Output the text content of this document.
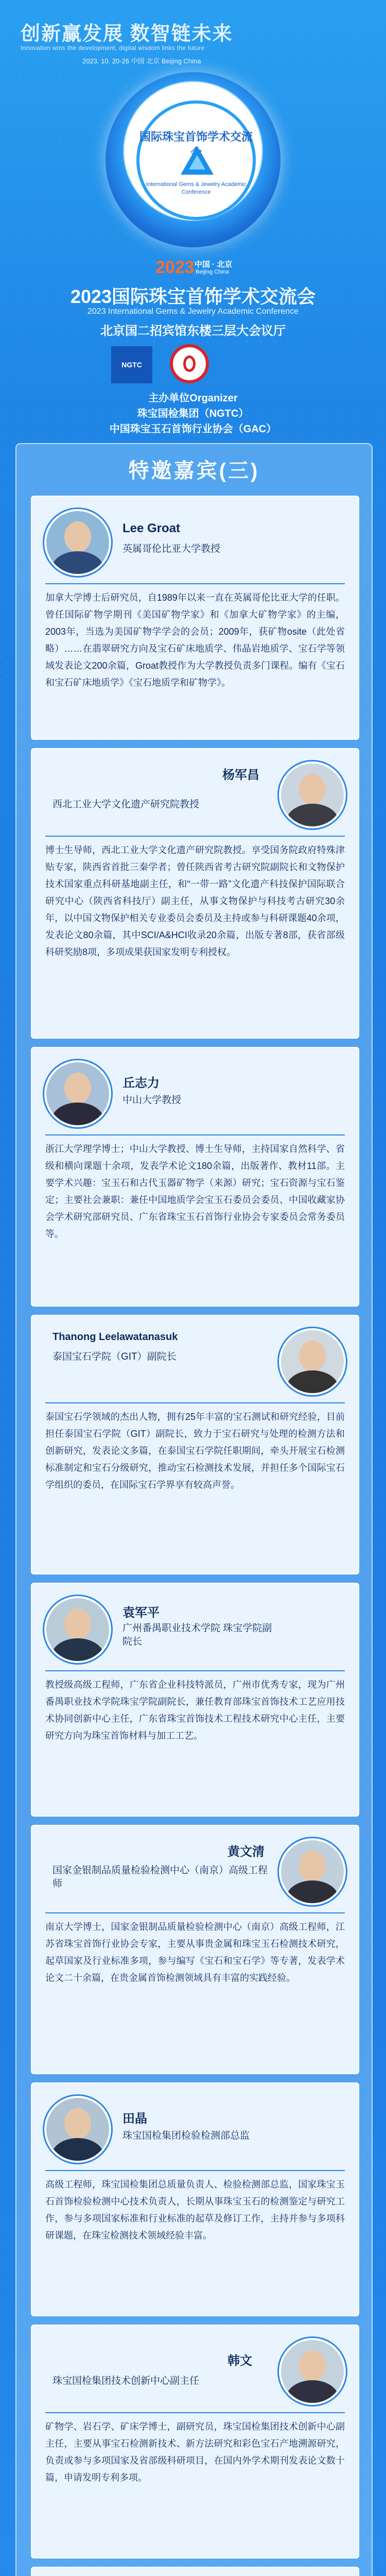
创新赢发展 数智链未来
Innovation wins the development, digital wisdom links the future
2023. 10. 20-26 中国 北京 Beijing China
国际珠宝首饰学术交流会
International Gems & Jewelry Academic Conference
2023 中国 · 北京
Beijing China
2023国际珠宝首饰学术交流会
2023 International Gems & Jewelry Academic Conference
北京国二招宾馆东楼三层大会议厅
NGTC
主办单位Organizer
珠宝国检集团（NGTC）
中国珠宝玉石首饰行业协会（GAC）
特邀嘉宾(三)
Lee Groat
英属哥伦比亚大学教授
加拿大学博士后研究员，自1989年以来一直在英属哥伦比亚大学的任职。曾任国际矿物学期刊《美国矿物学家》和《加拿大矿物学家》的主编，2003年，当选为美国矿物学学会的会员；2009年，获矿物osite（此处省略）……在翡翠研究方向及宝石矿床地质学、伟晶岩地质学、宝石学等领域发表论文200余篇，Groat教授作为大学教授负责多门课程。编有《宝石和宝石矿床地质学》《宝石地质学和矿物学》。
杨军昌
西北工业大学文化遗产研究院教授
博士生导师，西北工业大学文化遗产研究院教授。享受国务院政府特殊津贴专家，陕西省首批三秦学者；曾任陕西省考古研究院副院长和文物保护技术国家重点科研基地副主任，和“一带一路”文化遗产科技保护国际联合研究中心（陕西省科技厅）副主任，从事文物保护与科技考古研究30余年，以中国文物保护相关专业委员会委员及主持或参与科研课题40余项，发表论文80余篇，其中SCI/A&HCI收录20余篇，出版专著8部，获省部级科研奖励8项，多项成果获国家发明专利授权。
丘志力
中山大学教授
浙江大学理学博士；中山大学教授、博士生导师，主持国家自然科学、省级和横向课题十余项，发表学术论文180余篇，出版著作、教材11部。主要学术兴趣：宝玉石和古代玉器矿物学（来源）研究；宝石资源与宝石鉴定；主要社会兼职：兼任中国地质学会宝玉石委员会委员、中国收藏家协会学术研究部研究员、广东省珠宝玉石首饰行业协会专家委员会常务委员等。
Thanong Leelawatanasuk
泰国宝石学院（GIT）副院长
泰国宝石学领域的杰出人物，拥有25年丰富的宝石测试和研究经验，目前担任泰国宝石学院（GIT）副院长，致力于宝石研究与处理的检测方法和创新研究，发表论文多篇，在泰国宝石学院任职期间，牵头开展宝石检测标准制定和宝石分级研究，推动宝石检测技术发展，并担任多个国际宝石学组织的委员，在国际宝石学界享有较高声誉。
袁军平
广州番禺职业技术学院 珠宝学院副院长
教授级高级工程师，广东省企业科技特派员，广州市优秀专家，现为广州番禺职业技术学院珠宝学院副院长，兼任教育部珠宝首饰技术工艺应用技术协同创新中心主任，广东省珠宝首饰技术工程技术研究中心主任，主要研究方向为珠宝首饰材料与加工工艺。
黄文清
国家金银制品质量检验检测中心（南京）高级工程师
南京大学博士，国家金银制品质量检验检测中心（南京）高级工程师，江苏省珠宝首饰行业协会专家，主要从事贵金属和珠宝玉石检测技术研究，起草国家及行业标准多项，参与编写《宝石和宝石学》等专著，发表学术论文二十余篇，在贵金属首饰检测领域具有丰富的实践经验。
田晶
珠宝国检集团检验检测部总监
高级工程师，珠宝国检集团总质量负责人、检验检测部总监，国家珠宝玉石首饰检验检测中心技术负责人，长期从事珠宝玉石的检测鉴定与研究工作，参与多项国家标准和行业标准的起草及修订工作，主持并参与多项科研课题，在珠宝检测技术领域经验丰富。
韩文
珠宝国检集团技术创新中心副主任
矿物学、岩石学、矿床学博士，副研究员，珠宝国检集团技术创新中心副主任，主要从事宝石检测新技术、新方法研究和彩色宝石产地溯源研究，负责或参与多项国家及省部级科研项目，在国内外学术期刊发表论文数十篇，申请发明专利多项。
